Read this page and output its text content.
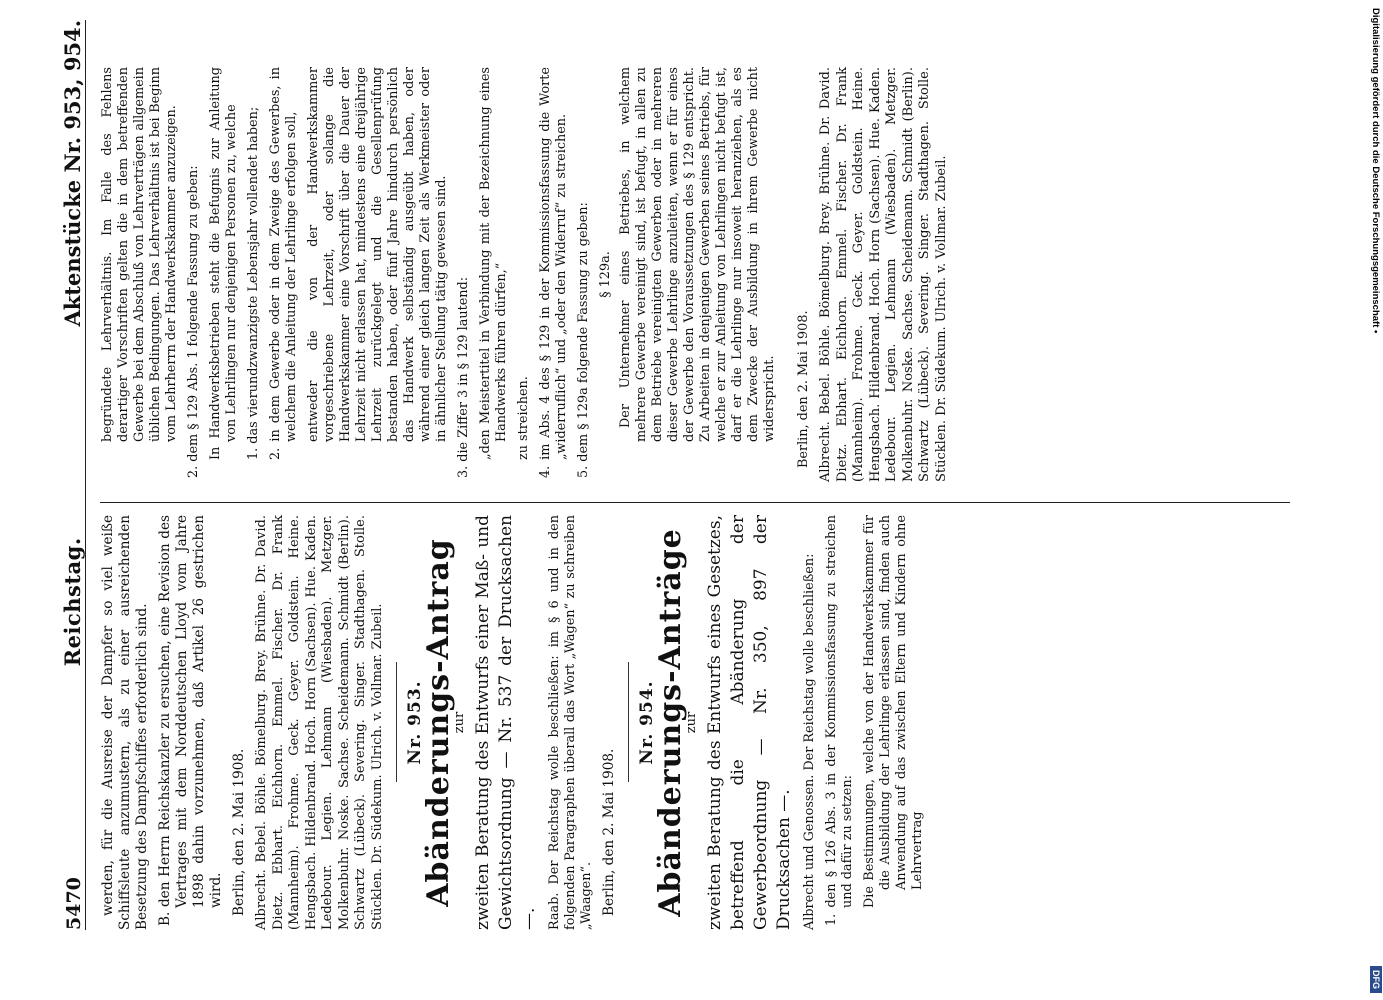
5470
Reichstag.
Aktenstücke Nr. 953, 954.

werden, für die Ausreise der Dampfer so viel weiße Schiffsleute anzumustern, als zu einer ausreichenden Besetzung des Dampfschiffes erforderlich sind. B. den Herrn Reichskanzler zu ersuchen, eine Revision des Vertrages mit dem Norddeutschen Lloyd vom Jahre 1898 dahin vorzunehmen, daß Artikel 26 gestrichen wird. Berlin, den 2. Mai 1908. Albrecht. Bebel. Böhle. Bömelburg. Brey. Brühne. Dr. David. Dietz. Ebhart. Eichhorn. Emmel. Fischer. Dr. Frank (Mannheim). Frohme. Geck. Geyer. Goldstein. Heine. Hengsbach. Hildenbrand. Hoch. Horn (Sachsen). Hue. Kaden. Ledebour. Legien. Lehmann (Wiesbaden). Metzger. Molkenbuhr. Noske. Sachse. Scheidemann. Schmidt (Berlin). Schwartz (Lübeck). Severing. Singer. Stadthagen. Stolle. Stücklen. Dr. Südekum. Ulrich. v. Vollmar. Zubeil. Nr. 953.
Abänderungs-Antrag
zur zweiten Beratung des Entwurfs einer Maß- und Gewichtsordnung — Nr. 537 der Drucksachen —. Raab. Der Reichstag wolle beschließen: im § 6 und in den folgenden Paragraphen überall das Wort „Wagen“ zu schreiben „Waagen“. Berlin, den 2. Mai 1908.

Nr. 954.
Abänderungs-Anträge
zur zweiten Beratung des Entwurfs eines Gesetzes, betreffend die Abänderung der Gewerbeordnung — Nr. 350, 897 der Drucksachen —. Albrecht und Genossen. Der Reichstag wolle beschließen: 1. den § 126 Abs. 3 in der Kommissionsfassung zu streichen und dafür zu setzen: Die Bestimmungen, welche von der Handwerkskammer für die Ausbildung der Lehrlinge erlassen sind, finden auch Anwendung auf das zwischen Eltern und Kindern ohne Lehrvertrag

begründete Lehrverhältnis. Im Falle des Fehlens derartiger Vorschriften gelten die in dem betreffenden Gewerbe bei dem Abschluß von Lehrverträgen allgemein üblichen Bedingungen. Das Lehrverhältnis ist bei Beginn vom Lehrherrn der Handwerkskammer anzuzeigen. 2. dem § 129 Abs. 1 folgende Fassung zu geben: In Handwerksbetrieben steht die Befugnis zur Anleitung von Lehrlingen nur denjenigen Personen zu, welche 1. das vierundzwanzigste Lebensjahr vollendet haben; 2. in dem Gewerbe oder in dem Zweige des Gewerbes, in welchem die Anleitung der Lehrlinge erfolgen soll, entweder die von der Handwerkskammer vorgeschriebene Lehrzeit, oder solange die Handwerkskammer eine Vorschrift über die Dauer der Lehrzeit nicht erlassen hat, mindestens eine dreijährige Lehrzeit zurückgelegt und die Gesellenprüfung bestanden haben, oder fünf Jahre hindurch persönlich das Handwerk selbständig ausgeübt haben, oder während einer gleich langen Zeit als Werkmeister oder in ähnlicher Stellung tätig gewesen sind. 3. die Ziffer 3 in § 129 lautend: „den Meistertitel in Verbindung mit der Bezeichnung eines Handwerks führen dürfen,“ zu streichen. 4. im Abs. 4 des § 129 in der Kommissionsfassung die Worte „widerruflich“ und „oder den Widerruf“ zu streichen. 5. dem § 129a folgende Fassung zu geben: § 129a. Der Unternehmer eines Betriebes, in welchem mehrere Gewerbe vereinigt sind, ist befugt, in allen zu dem Betriebe vereinigten Gewerben oder in mehreren dieser Gewerbe Lehrlinge anzuleiten, wenn er für eines der Gewerbe den Voraussetzungen des § 129 entspricht. Zu Arbeiten in denjenigen Gewerben seines Betriebs, für welche er zur Anleitung von Lehrlingen nicht befugt ist, darf er die Lehrlinge nur insoweit heranziehen, als es dem Zwecke der Ausbildung in ihrem Gewerbe nicht widerspricht. Berlin, den 2. Mai 1908. Albrecht. Bebel. Böhle. Bömelburg. Brey. Brühne. Dr. David. Dietz. Ebhart. Eichhorn. Emmel. Fischer. Dr. Frank (Mannheim). Frohme. Geck. Geyer. Goldstein. Heine. Hengsbach. Hildenbrand. Hoch. Horn (Sachsen). Hue. Kaden. Ledebour. Legien. Lehmann (Wiesbaden). Metzger. Molkenbuhr. Noske. Sachse. Scheidemann. Schmidt (Berlin). Schwartz (Lübeck). Severing. Singer. Stadthagen. Stolle. Stücklen. Dr. Südekum. Ulrich. v. Vollmar. Zubeil.	Digitalisierung gefördert durch die Deutsche Forschungsgemeinschaft •
DFG
